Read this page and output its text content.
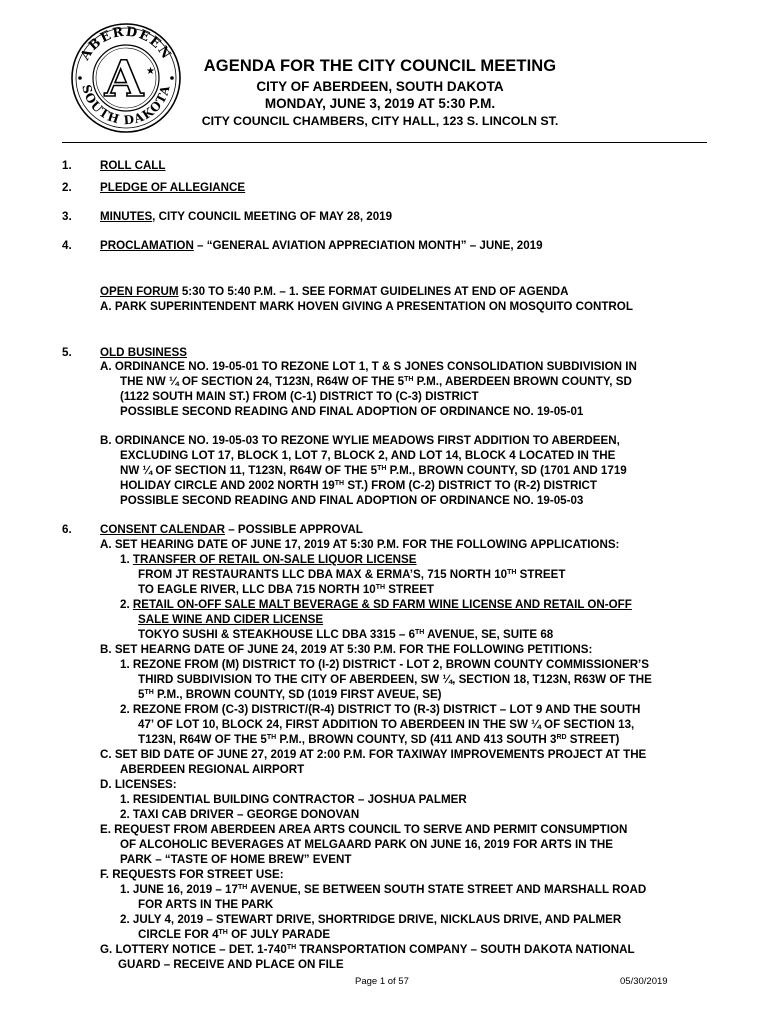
ABERDEEN
SOUTH DAKOTA
A ★	AGENDA FOR THE CITY COUNCIL MEETING
CITY OF ABERDEEN, SOUTH DAKOTA
MONDAY, JUNE 3, 2019 AT 5:30 P.M.
CITY COUNCIL CHAMBERS, CITY HALL, 123 S. LINCOLN ST.
1. ROLL CALL
2. PLEDGE OF ALLEGIANCE
3. MINUTES, CITY COUNCIL MEETING OF MAY 28, 2019
4. PROCLAMATION – “GENERAL AVIATION APPRECIATION MONTH” – JUNE, 2019
OPEN FORUM 5:30 TO 5:40 P.M. – 1. SEE FORMAT GUIDELINES AT END OF AGENDA
A. PARK SUPERINTENDENT MARK HOVEN GIVING A PRESENTATION ON MOSQUITO CONTROL
5. OLD BUSINESS
A. ORDINANCE NO. 19-05-01 TO REZONE LOT 1, T & S JONES CONSOLIDATION SUBDIVISION IN
THE NW ¼ OF SECTION 24, T123N, R64W OF THE 5TH P.M., ABERDEEN BROWN COUNTY, SD
(1122 SOUTH MAIN ST.) FROM (C-1) DISTRICT TO (C-3) DISTRICT
POSSIBLE SECOND READING AND FINAL ADOPTION OF ORDINANCE NO. 19-05-01
B. ORDINANCE NO. 19-05-03 TO REZONE WYLIE MEADOWS FIRST ADDITION TO ABERDEEN,
EXCLUDING LOT 17, BLOCK 1, LOT 7, BLOCK 2, AND LOT 14, BLOCK 4 LOCATED IN THE
NW ¼ OF SECTION 11, T123N, R64W OF THE 5TH P.M., BROWN COUNTY, SD (1701 AND 1719
HOLIDAY CIRCLE AND 2002 NORTH 19TH ST.) FROM (C-2) DISTRICT TO (R-2) DISTRICT
POSSIBLE SECOND READING AND FINAL ADOPTION OF ORDINANCE NO. 19-05-03
6. CONSENT CALENDAR – POSSIBLE APPROVAL
A. SET HEARING DATE OF JUNE 17, 2019 AT 5:30 P.M. FOR THE FOLLOWING APPLICATIONS:
1. TRANSFER OF RETAIL ON-SALE LIQUOR LICENSE
FROM JT RESTAURANTS LLC DBA MAX & ERMA’S, 715 NORTH 10TH STREET
TO EAGLE RIVER, LLC DBA 715 NORTH 10TH STREET
2. RETAIL ON-OFF SALE MALT BEVERAGE & SD FARM WINE LICENSE AND RETAIL ON-OFF
SALE WINE AND CIDER LICENSE
TOKYO SUSHI & STEAKHOUSE LLC DBA 3315 – 6TH AVENUE, SE, SUITE 68
B. SET HEARNG DATE OF JUNE 24, 2019 AT 5:30 P.M. FOR THE FOLLOWING PETITIONS:
1. REZONE FROM (M) DISTRICT TO (I-2) DISTRICT - LOT 2, BROWN COUNTY COMMISSIONER’S
THIRD SUBDIVISION TO THE CITY OF ABERDEEN, SW ¼, SECTION 18, T123N, R63W OF THE
5TH P.M., BROWN COUNTY, SD (1019 FIRST AVEUE, SE)
2. REZONE FROM (C-3) DISTRICT/(R-4) DISTRICT TO (R-3) DISTRICT – LOT 9 AND THE SOUTH
47’ OF LOT 10, BLOCK 24, FIRST ADDITION TO ABERDEEN IN THE SW ¼ OF SECTION 13,
T123N, R64W OF THE 5TH P.M., BROWN COUNTY, SD (411 AND 413 SOUTH 3RD STREET)
C. SET BID DATE OF JUNE 27, 2019 AT 2:00 P.M. FOR TAXIWAY IMPROVEMENTS PROJECT AT THE
ABERDEEN REGIONAL AIRPORT
D. LICENSES:
1. RESIDENTIAL BUILDING CONTRACTOR – JOSHUA PALMER
2. TAXI CAB DRIVER – GEORGE DONOVAN
E. REQUEST FROM ABERDEEN AREA ARTS COUNCIL TO SERVE AND PERMIT CONSUMPTION
OF ALCOHOLIC BEVERAGES AT MELGAARD PARK ON JUNE 16, 2019 FOR ARTS IN THE
PARK – “TASTE OF HOME BREW” EVENT
F. REQUESTS FOR STREET USE:
1. JUNE 16, 2019 – 17TH AVENUE, SE BETWEEN SOUTH STATE STREET AND MARSHALL ROAD
FOR ARTS IN THE PARK
2. JULY 4, 2019 – STEWART DRIVE, SHORTRIDGE DRIVE, NICKLAUS DRIVE, AND PALMER
CIRCLE FOR 4TH OF JULY PARADE
G. LOTTERY NOTICE – DET. 1-740TH TRANSPORTATION COMPANY – SOUTH DAKOTA NATIONAL
GUARD – RECEIVE AND PLACE ON FILE
Page 1 of 57	05/30/2019
